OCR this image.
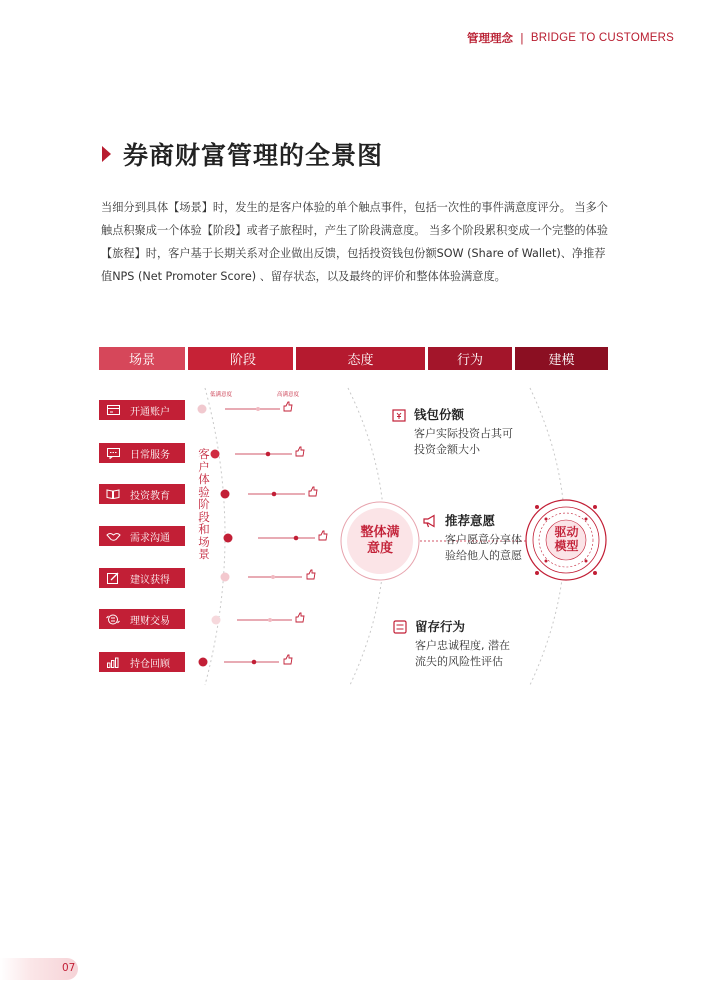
管理理念 | BRIDGE TO CUSTOMERS
券商财富管理的全景图
当细分到具体【场景】时，发生的是客户体验的单个触点事件，包括一次性的事件满意度评分。 当多个触点积聚成一个体验【阶段】或者子旅程时，产生了阶段满意度。 当多个阶段累积变成一个完整的体验【旅程】时，客户基于长期关系对企业做出反馈，包括投资钱包份额SOW (Share of Wallet)、净推荐值NPS (Net Promoter Score) 、留存状态，以及最终的评价和整体体验满意度。
场景	阶段	态度	行为	建模
开通账户
日常服务
投资教育
需求沟通
建议获得
理财交易
持仓回顾
低满意度	高满意度
客户体验阶段和场景
整体满意度
驱动模型
钱包份额
客户实际投资占其可投资金额大小
推荐意愿
客户愿意分享体验给他人的意愿
留存行为
客户忠诚程度, 潜在流失的风险性评估
07
